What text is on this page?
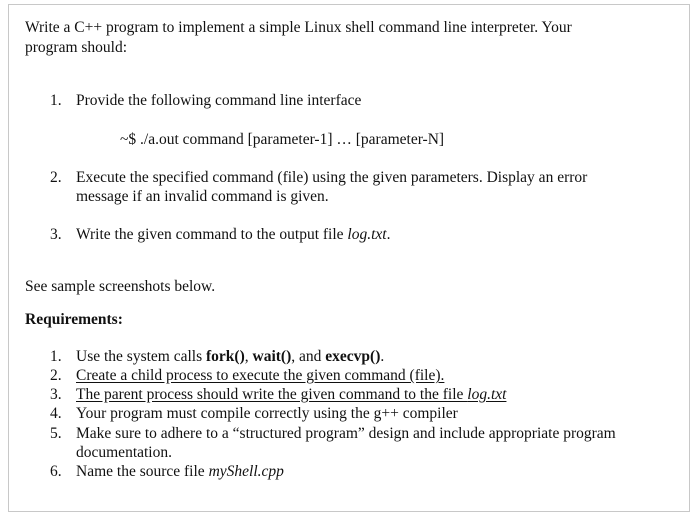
Write a C++ program to implement a simple Linux shell command line interpreter. Your
program should:
1. Provide the following command line interface
~$ ./a.out command [parameter-1] … [parameter-N]
2. Execute the specified command (file) using the given parameters. Display an error
message if an invalid command is given.
3. Write the given command to the output file log.txt.
See sample screenshots below.
Requirements:
1. Use the system calls fork(), wait(), and execvp().
2. Create a child process to execute the given command (file).
3. The parent process should write the given command to the file log.txt
4. Your program must compile correctly using the g++ compiler
5. Make sure to adhere to a “structured program” design and include appropriate program
documentation.
6. Name the source file myShell.cpp
